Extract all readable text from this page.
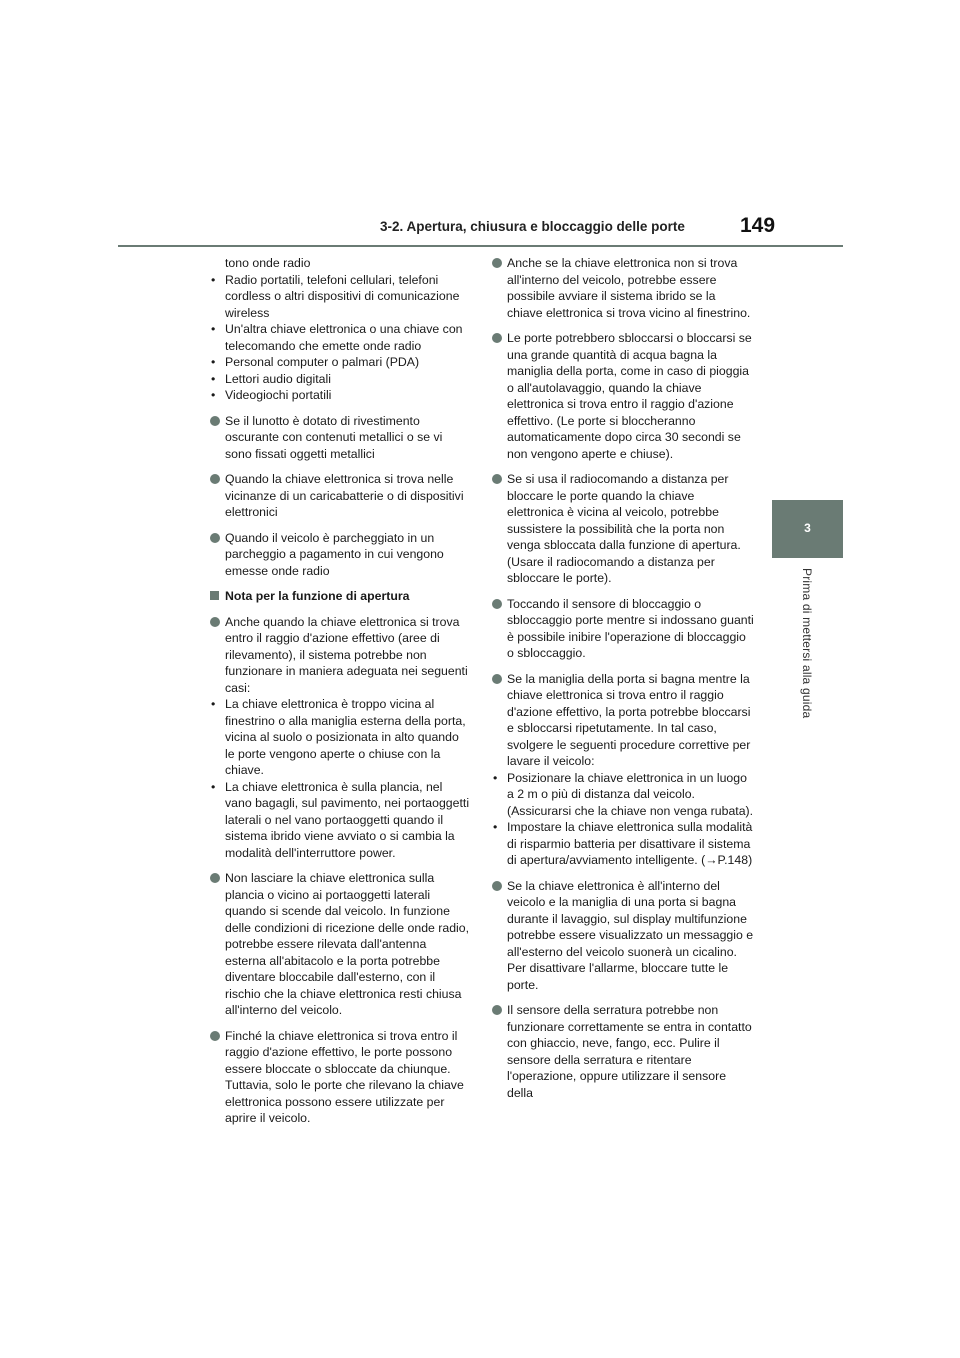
3-2. Apertura, chiusura e bloccaggio delle porte	149
3
Prima di mettersi alla guida
tono onde radio
• Radio portatili, telefoni cellulari, telefoni cordless o altri dispositivi di comunicazione wireless
• Un'altra chiave elettronica o una chiave con telecomando che emette onde radio
• Personal computer o palmari (PDA)
• Lettori audio digitali
• Videogiochi portatili
Se il lunotto è dotato di rivestimento oscurante con contenuti metallici o se vi sono fissati oggetti metallici
Quando la chiave elettronica si trova nelle vicinanze di un caricabatterie o di dispositivi elettronici
Quando il veicolo è parcheggiato in un parcheggio a pagamento in cui vengono emesse onde radio
Nota per la funzione di apertura
Anche quando la chiave elettronica si trova entro il raggio d'azione effettivo (aree di rilevamento), il sistema potrebbe non funzionare in maniera adeguata nei seguenti casi:
• La chiave elettronica è troppo vicina al finestrino o alla maniglia esterna della porta, vicina al suolo o posizionata in alto quando le porte vengono aperte o chiuse con la chiave.
• La chiave elettronica è sulla plancia, nel vano bagagli, sul pavimento, nei portaoggetti laterali o nel vano portaoggetti quando il sistema ibrido viene avviato o si cambia la modalità dell'interruttore power.
Non lasciare la chiave elettronica sulla plancia o vicino ai portaoggetti laterali quando si scende dal veicolo. In funzione delle condizioni di ricezione delle onde radio, potrebbe essere rilevata dall'antenna esterna all'abitacolo e la porta potrebbe diventare bloccabile dall'esterno, con il rischio che la chiave elettronica resti chiusa all'interno del veicolo.
Finché la chiave elettronica si trova entro il raggio d'azione effettivo, le porte possono essere bloccate o sbloccate da chiunque. Tuttavia, solo le porte che rilevano la chiave elettronica possono essere utilizzate per aprire il veicolo.
Anche se la chiave elettronica non si trova all'interno del veicolo, potrebbe essere possibile avviare il sistema ibrido se la chiave elettronica si trova vicino al finestrino.
Le porte potrebbero sbloccarsi o bloccarsi se una grande quantità di acqua bagna la maniglia della porta, come in caso di pioggia o all'autolavaggio, quando la chiave elettronica si trova entro il raggio d'azione effettivo. (Le porte si bloccheranno automaticamente dopo circa 30 secondi se non vengono aperte e chiuse).
Se si usa il radiocomando a distanza per bloccare le porte quando la chiave elettronica è vicina al veicolo, potrebbe sussistere la possibilità che la porta non venga sbloccata dalla funzione di apertura. (Usare il radiocomando a distanza per sbloccare le porte).
Toccando il sensore di bloccaggio o sbloccaggio porte mentre si indossano guanti è possibile inibire l'operazione di bloccaggio o sbloccaggio.
Se la maniglia della porta si bagna mentre la chiave elettronica si trova entro il raggio d'azione effettivo, la porta potrebbe bloccarsi e sbloccarsi ripetutamente. In tal caso, svolgere le seguenti procedure correttive per lavare il veicolo:
• Posizionare la chiave elettronica in un luogo a 2 m o più di distanza dal veicolo. (Assicurarsi che la chiave non venga rubata).
• Impostare la chiave elettronica sulla modalità di risparmio batteria per disattivare il sistema di apertura/avviamento intelligente. (→P.148)
Se la chiave elettronica è all'interno del veicolo e la maniglia di una porta si bagna durante il lavaggio, sul display multifunzione potrebbe essere visualizzato un messaggio e all'esterno del veicolo suonerà un cicalino. Per disattivare l'allarme, bloccare tutte le porte.
Il sensore della serratura potrebbe non funzionare correttamente se entra in contatto con ghiaccio, neve, fango, ecc. Pulire il sensore della serratura e ritentare l'operazione, oppure utilizzare il sensore della
